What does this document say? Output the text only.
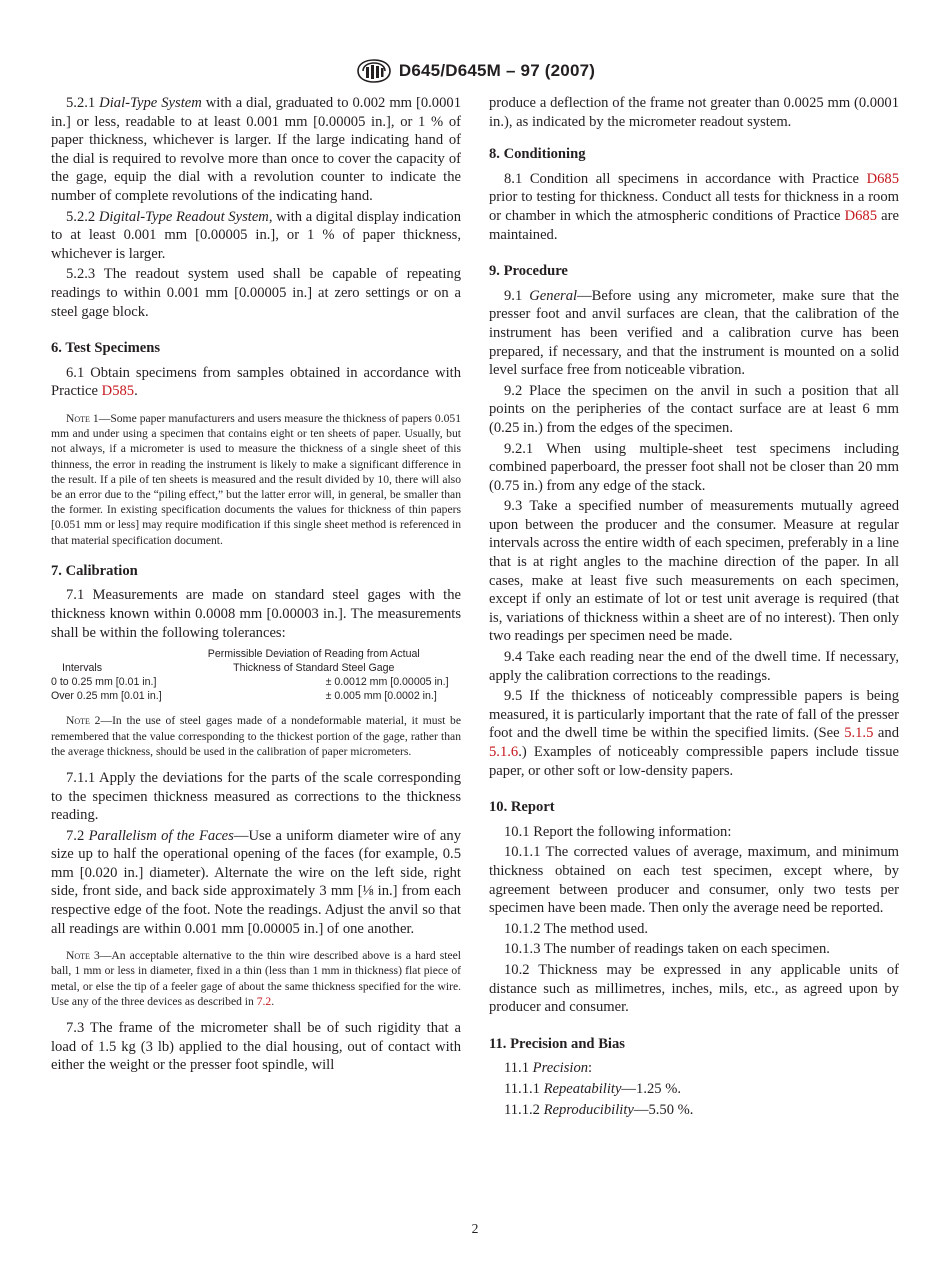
D645/D645M – 97 (2007)

5.2.1 Dial-Type System with a dial, graduated to 0.002 mm [0.0001 in.] or less, readable to at least 0.001 mm [0.00005 in.], or 1 % of paper thickness, whichever is larger. If the large indicating hand of the dial is required to revolve more than once to cover the capacity of the gage, equip the dial with a revolution counter to indicate the number of complete revolutions of the indicating hand.

5.2.2 Digital-Type Readout System, with a digital display indication to at least 0.001 mm [0.00005 in.], or 1 % of paper thickness, whichever is larger.

5.2.3 The readout system used shall be capable of repeating readings to within 0.001 mm [0.00005 in.] at zero settings or on a steel gage block.

6. Test Specimens

6.1 Obtain specimens from samples obtained in accordance with Practice D585.

Note 1—Some paper manufacturers and users measure the thickness of papers 0.051 mm and under using a specimen that contains eight or ten sheets of paper. Usually, but not always, if a micrometer is used to measure the thickness of a single sheet of this thinness, the error in reading the instrument is likely to make a significant difference in the result. If a pile of ten sheets is measured and the result divided by 10, there will also be an error due to the “piling effect,” but the latter error will, in general, be smaller than the former. In existing specification documents the values for thickness of thin papers [0.051 mm or less] may require modification if this single sheet method is referenced in that material specification document.

7. Calibration

7.1 Measurements are made on standard steel gages with the thickness known within 0.0008 mm [0.00003 in.]. The measurements shall be within the following tolerances:

Intervals	Permissible Deviation of Reading from Actual
Thickness of Standard Steel Gage
0 to 0.25 mm [0.01 in.]	± 0.0012 mm [0.00005 in.]
Over 0.25 mm [0.01 in.]	± 0.005 mm [0.0002 in.]

Note 2—In the use of steel gages made of a nondeformable material, it must be remembered that the value corresponding to the thickest portion of the gage, rather than the average thickness, should be used in the calibration of paper micrometers.

7.1.1 Apply the deviations for the parts of the scale corresponding to the specimen thickness measured as corrections to the thickness reading.

7.2 Parallelism of the Faces—Use a uniform diameter wire of any size up to half the operational opening of the faces (for example, 0.5 mm [0.020 in.] diameter). Alternate the wire on the left side, right side, front side, and back side approximately 3 mm [⅛ in.] from each respective edge of the foot. Note the readings. Adjust the anvil so that all readings are within 0.001 mm [0.00005 in.] of one another.

Note 3—An acceptable alternative to the thin wire described above is a hard steel ball, 1 mm or less in diameter, fixed in a thin (less than 1 mm in thickness) flat piece of metal, or else the tip of a feeler gage of about the same thickness specified for the wire. Use any of the three devices as described in 7.2.

7.3 The frame of the micrometer shall be of such rigidity that a load of 1.5 kg (3 lb) applied to the dial housing, out of contact with either the weight or the presser foot spindle, will

produce a deflection of the frame not greater than 0.0025 mm (0.0001 in.), as indicated by the micrometer readout system.

8. Conditioning

8.1 Condition all specimens in accordance with Practice D685 prior to testing for thickness. Conduct all tests for thickness in a room or chamber in which the atmospheric conditions of Practice D685 are maintained.

9. Procedure

9.1 General—Before using any micrometer, make sure that the presser foot and anvil surfaces are clean, that the calibration of the instrument has been verified and a calibration curve has been prepared, if necessary, and that the instrument is mounted on a solid level surface free from noticeable vibration.

9.2 Place the specimen on the anvil in such a position that all points on the peripheries of the contact surface are at least 6 mm (0.25 in.) from the edges of the specimen.

9.2.1 When using multiple-sheet test specimens including combined paperboard, the presser foot shall not be closer than 20 mm (0.75 in.) from any edge of the stack.

9.3 Take a specified number of measurements mutually agreed upon between the producer and the consumer. Measure at regular intervals across the entire width of each specimen, preferably in a line that is at right angles to the machine direction of the paper. In all cases, make at least five such measurements on each specimen, except if only an estimate of lot or test unit average is required (that is, variations of thickness within a sheet are of no interest). Then only two readings per specimen need be made.

9.4 Take each reading near the end of the dwell time. If necessary, apply the calibration corrections to the readings.

9.5 If the thickness of noticeably compressible papers is being measured, it is particularly important that the rate of fall of the presser foot and the dwell time be within the specified limits. (See 5.1.5 and 5.1.6.) Examples of noticeably compressible papers include tissue paper, or other soft or low-density papers.

10. Report

10.1 Report the following information:

10.1.1 The corrected values of average, maximum, and minimum thickness obtained on each test specimen, except where, by agreement between producer and consumer, only two tests per specimen have been made. Then only the average need be reported.

10.1.2 The method used.

10.1.3 The number of readings taken on each specimen.

10.2 Thickness may be expressed in any applicable units of distance such as millimetres, inches, mils, etc., as agreed upon by producer and consumer.

11. Precision and Bias

11.1 Precision:

11.1.1 Repeatability—1.25 %.

11.1.2 Reproducibility—5.50 %.

2
